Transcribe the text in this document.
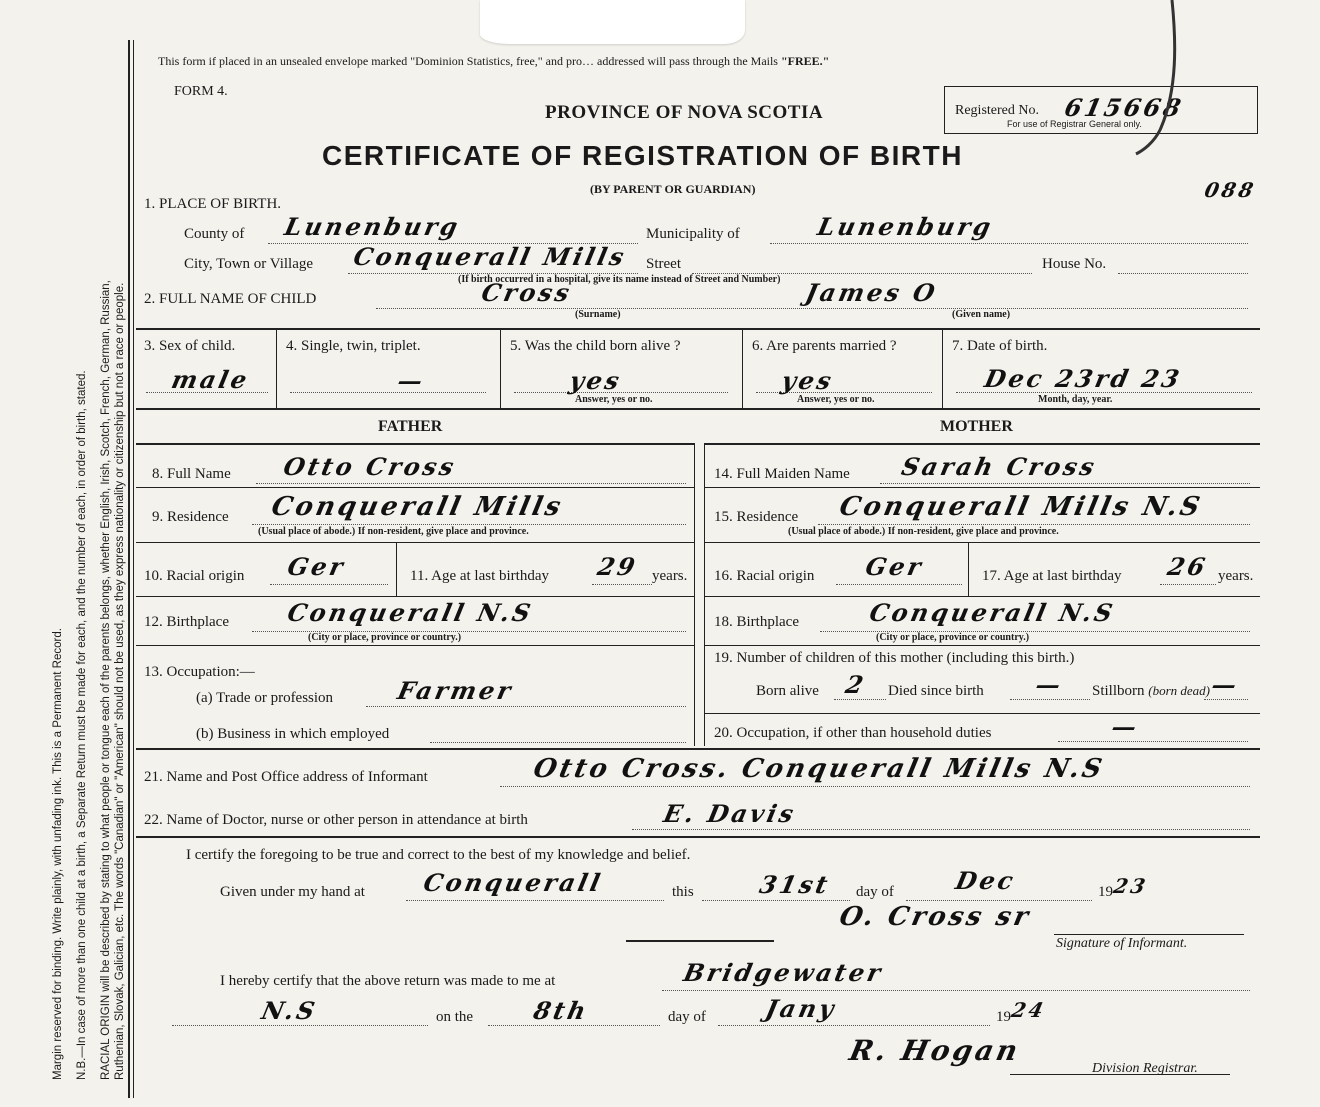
Margin reserved for binding. Write plainly, with unfading ink. This is a Permanent Record. N.B.—In case of more than one child at a birth, a Separate Return must be made for each, and the number of each, in order of birth, stated. RACIAL ORIGIN will be described by stating to what people or tongue each of the parents belongs, whether English, Irish, Scotch, French, German, Russian, Ruthenian, Slovak, Galician, etc. The words "Canadian" or "American" should not be used, as they express nationality or citizenship but not a race or people.
This form if placed in an unsealed envelope marked "Dominion Statistics, free," and pro… addressed will pass through the Mails "FREE."
FORM 4.
PROVINCE OF NOVA SCOTIA
CERTIFICATE OF REGISTRATION OF BIRTH
(BY PARENT OR GUARDIAN)
Registered No. 615668
For use of Registrar General only.
088
1. PLACE OF BIRTH.
County of Lunenburg	Municipality of	Lunenburg
City, Town or Village Conquerall Mills Street	House No.
(If birth occurred in a hospital, give its name instead of Street and Number)
2. FULL NAME OF CHILD	Cross	James O
(Surname)	(Given name)
3. Sex of child.
male
4. Single, twin, triplet.
—
5. Was the child born alive ?
yes
Answer, yes or no.
6. Are parents married ?
yes
Answer, yes or no.
7. Date of birth.
Dec 23rd 23
Month, day, year.
FATHER	MOTHER
8. Full Name Otto Cross
9. Residence Conquerall Mills
(Usual place of abode.) If non-resident, give place and province.
10. Racial origin Ger	11. Age at last birthday 29 years.
12. Birthplace Conquerall N.S
(City or place, province or country.)
13. Occupation:—
(a) Trade or profession	Farmer
(b) Business in which employed
14. Full Maiden Name Sarah Cross
15. Residence Conquerall Mills N.S
(Usual place of abode.) If non-resident, give place and province.
16. Racial origin Ger	17. Age at last birthday 26 years.
18. Birthplace	Conquerall N.S
(City or place, province or country.)
19. Number of children of this mother (including this birth.)
Born alive 2 Died since birth — Stillborn (born dead)
—
20. Occupation, if other than household duties	—
21. Name and Post Office address of Informant	Otto Cross. Conquerall Mills N.S
22. Name of Doctor, nurse or other person in attendance at birth	E. Davis
I certify the foregoing to be true and correct to the best of my knowledge and belief.
Given under my hand at Conquerall	this	31st day of Dec	19
23
O. Cross sr
Signature of Informant.
I hereby certify that the above return was made to me at	Bridgewater
N.S	on the 8th	day of Jany	19
24
R. Hogan
Division Registrar.
